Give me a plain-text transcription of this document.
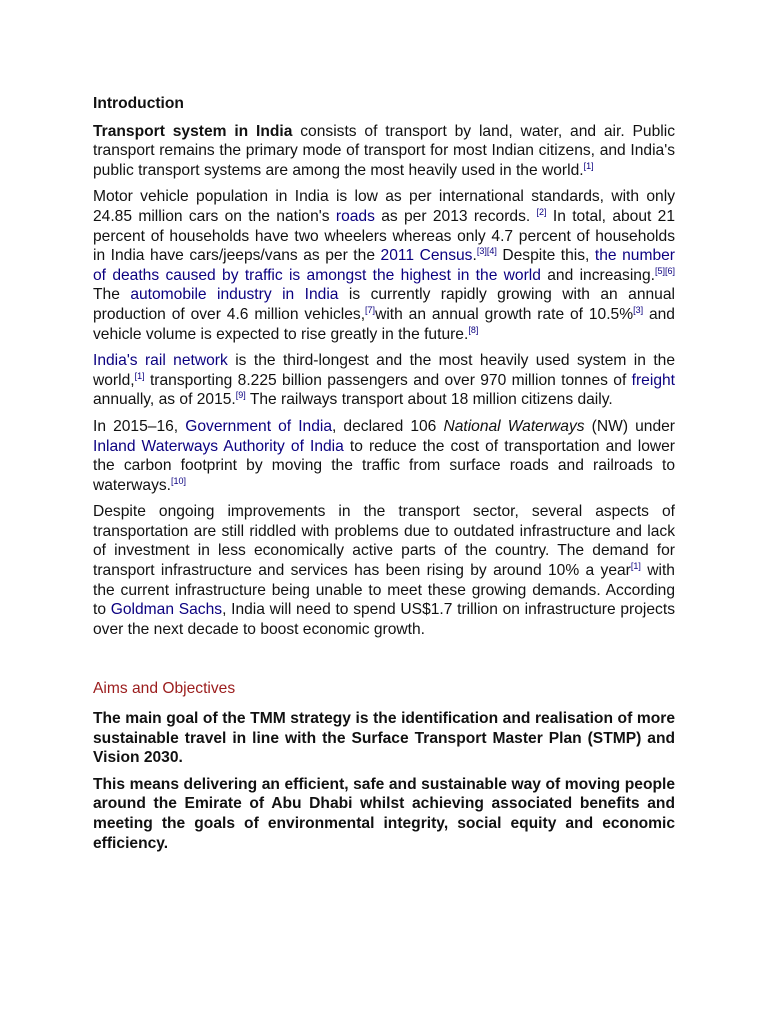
Introduction

Transport system in India consists of transport by land, water, and air. Public transport remains the primary mode of transport for most Indian citizens, and India's public transport systems are among the most heavily used in the world.[1]

Motor vehicle population in India is low as per international standards, with only 24.85 million cars on the nation's roads as per 2013 records. [2] In total, about 21 percent of households have two wheelers whereas only 4.7 percent of households in India have cars/jeeps/vans as per the 2011 Census.[3][4] Despite this, the number of deaths caused by traffic is amongst the highest in the world and increasing.[5][6] The automobile industry in India is currently rapidly growing with an annual production of over 4.6 million vehicles,[7]with an annual growth rate of 10.5%[3] and vehicle volume is expected to rise greatly in the future.[8]

India's rail network is the third-longest and the most heavily used system in the world,[1] transporting 8.225 billion passengers and over 970 million tonnes of freight annually, as of 2015.[9] The railways transport about 18 million citizens daily.

In 2015–16, Government of India, declared 106 National Waterways (NW) under Inland Waterways Authority of India to reduce the cost of transportation and lower the carbon footprint by moving the traffic from surface roads and railroads to waterways.[10]

Despite ongoing improvements in the transport sector, several aspects of transportation are still riddled with problems due to outdated infrastructure and lack of investment in less economically active parts of the country. The demand for transport infrastructure and services has been rising by around 10% a year[1] with the current infrastructure being unable to meet these growing demands. According to Goldman Sachs, India will need to spend US$1.7 trillion on infrastructure projects over the next decade to boost economic growth.

Aims and Objectives

The main goal of the TMM strategy is the identification and realisation of more sustainable travel in line with the Surface Transport Master Plan (STMP) and Vision 2030.

This means delivering an efficient, safe and sustainable way of moving people around the Emirate of Abu Dhabi whilst achieving associated benefits and meeting the goals of environmental integrity, social equity and economic efficiency.
